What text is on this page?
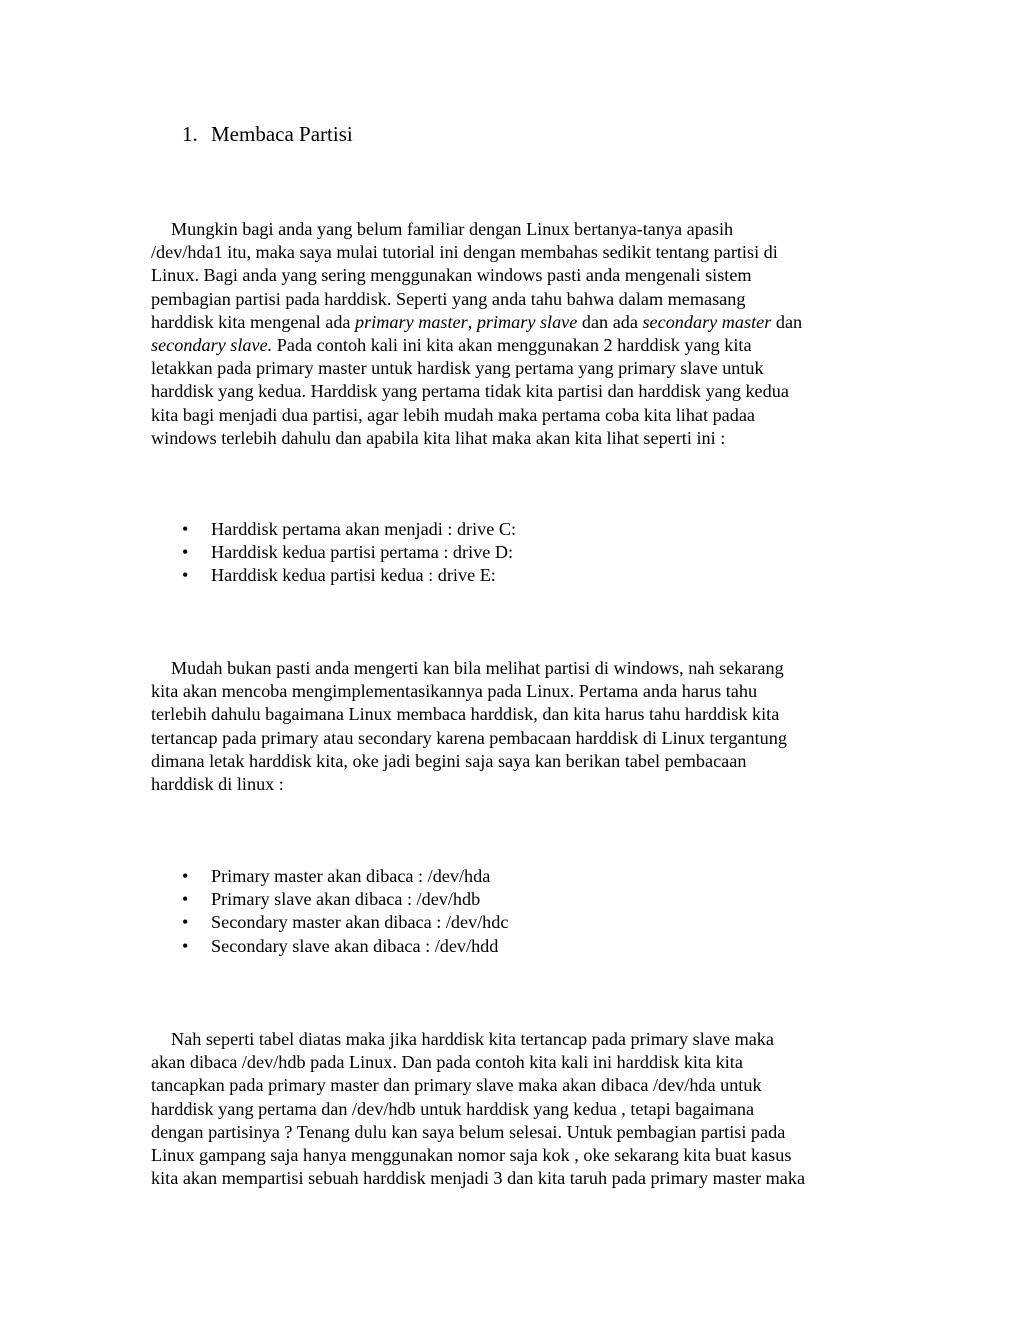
1. Membaca Partisi
Mungkin bagi anda yang belum familiar dengan Linux bertanya-tanya apasih
/dev/hda1 itu, maka saya mulai tutorial ini dengan membahas sedikit tentang partisi di
Linux. Bagi anda yang sering menggunakan windows pasti anda mengenali sistem
pembagian partisi pada harddisk. Seperti yang anda tahu bahwa dalam memasang
harddisk kita mengenal ada primary master, primary slave dan ada secondary master dan
secondary slave. Pada contoh kali ini kita akan menggunakan 2 harddisk yang kita
letakkan pada primary master untuk hardisk yang pertama yang primary slave untuk
harddisk yang kedua. Harddisk yang pertama tidak kita partisi dan harddisk yang kedua
kita bagi menjadi dua partisi, agar lebih mudah maka pertama coba kita lihat padaa
windows terlebih dahulu dan apabila kita lihat maka akan kita lihat seperti ini :
•	Harddisk pertama akan menjadi : drive C:
•	Harddisk kedua partisi pertama : drive D:
•	Harddisk kedua partisi kedua : drive E:
Mudah bukan pasti anda mengerti kan bila melihat partisi di windows, nah sekarang
kita akan mencoba mengimplementasikannya pada Linux. Pertama anda harus tahu
terlebih dahulu bagaimana Linux membaca harddisk, dan kita harus tahu harddisk kita
tertancap pada primary atau secondary karena pembacaan harddisk di Linux tergantung
dimana letak harddisk kita, oke jadi begini saja saya kan berikan tabel pembacaan
harddisk di linux :
•	Primary master akan dibaca : /dev/hda
•	Primary slave akan dibaca : /dev/hdb
•	Secondary master akan dibaca : /dev/hdc
•	Secondary slave akan dibaca : /dev/hdd
Nah seperti tabel diatas maka jika harddisk kita tertancap pada primary slave maka
akan dibaca /dev/hdb pada Linux. Dan pada contoh kita kali ini harddisk kita kita
tancapkan pada primary master dan primary slave maka akan dibaca /dev/hda untuk
harddisk yang pertama dan /dev/hdb untuk harddisk yang kedua , tetapi bagaimana
dengan partisinya ? Tenang dulu kan saya belum selesai. Untuk pembagian partisi pada
Linux gampang saja hanya menggunakan nomor saja kok , oke sekarang kita buat kasus
kita akan mempartisi sebuah harddisk menjadi 3 dan kita taruh pada primary master maka
